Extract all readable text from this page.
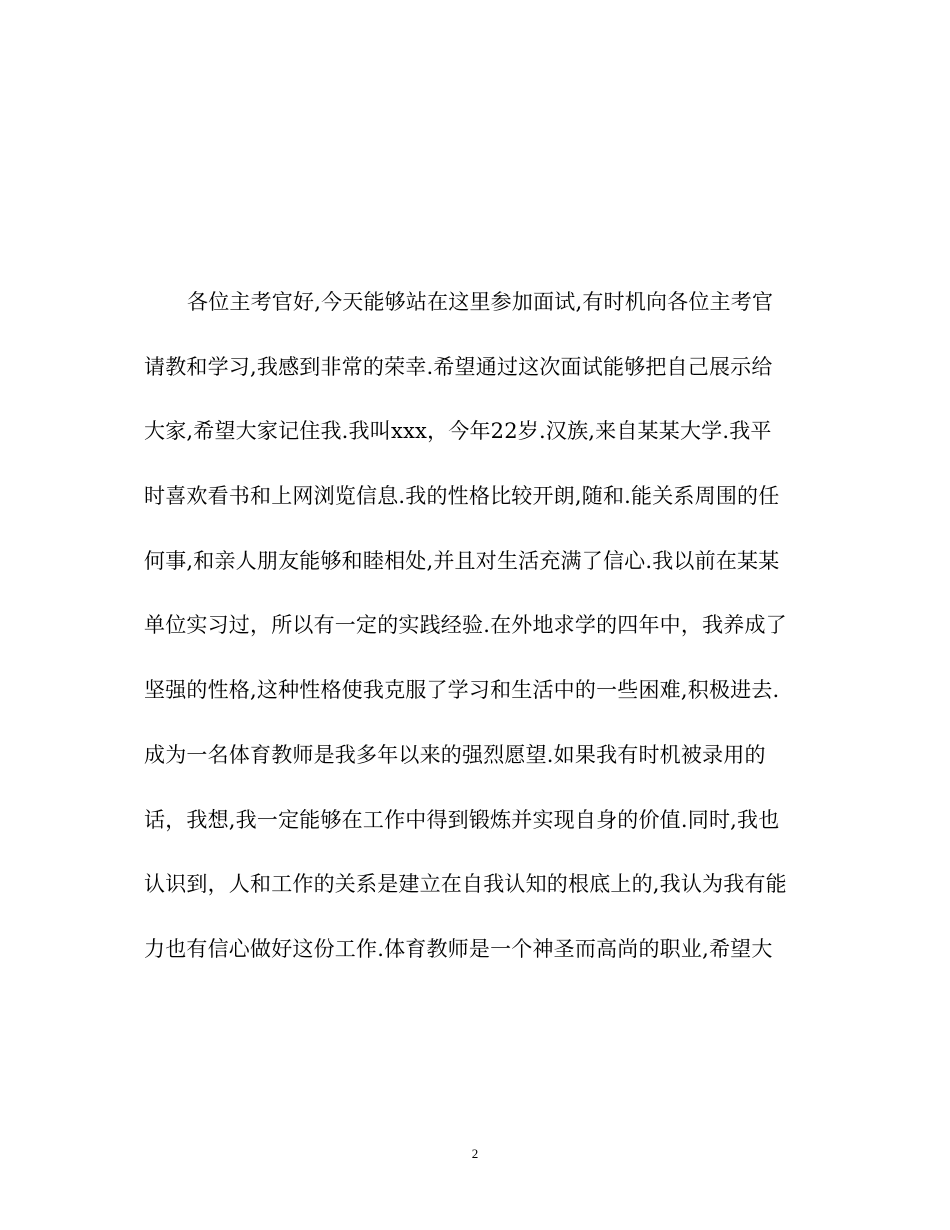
各位主考官好,今天能够站在这里参加面试,有时机向各位主考官
请教和学习,我感到非常的荣幸.希望通过这次面试能够把自己展示给
大家,希望大家记住我.我叫xxx，今年22岁.汉族,来自某某大学.我平
时喜欢看书和上网浏览信息.我的性格比较开朗,随和.能关系周围的任
何事,和亲人朋友能够和睦相处,并且对生活充满了信心.我以前在某某
单位实习过，所以有一定的实践经验.在外地求学的四年中，我养成了
坚强的性格,这种性格使我克服了学习和生活中的一些困难,积极进去.
成为一名体育教师是我多年以来的强烈愿望.如果我有时机被录用的
话，我想,我一定能够在工作中得到锻炼并实现自身的价值.同时,我也
认识到，人和工作的关系是建立在自我认知的根底上的,我认为我有能
力也有信心做好这份工作.体育教师是一个神圣而高尚的职业,希望大
2
